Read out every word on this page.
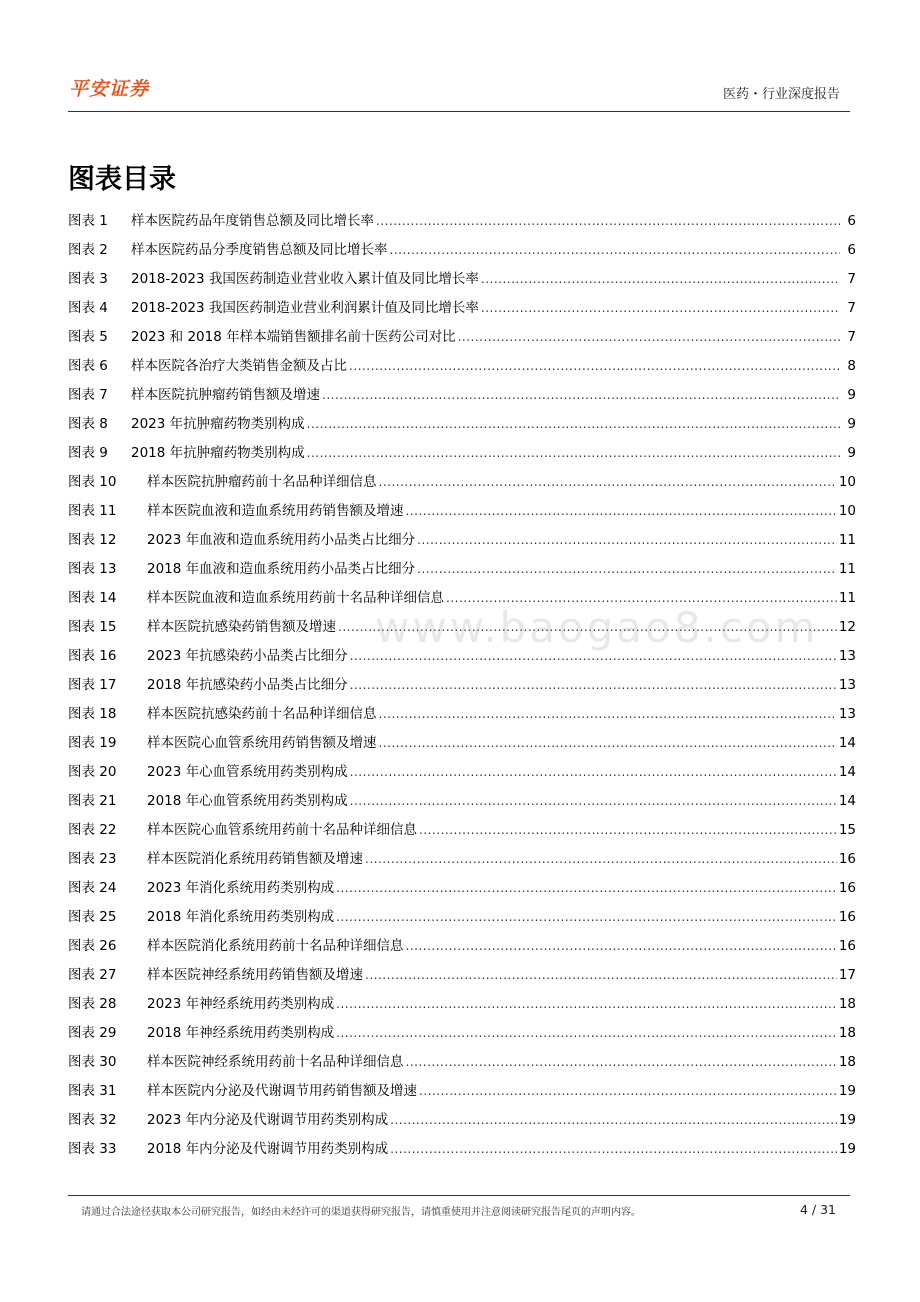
平安证券	医药・行业深度报告
图表目录
图表 1	样本医院药品年度销售总额及同比增长率 .....	6
图表 2	样本医院药品分季度销售总额及同比增长率 .....	6
图表 3	2018-2023 我国医药制造业营业收入累计值及同比增长率 .....	7
图表 4	2018-2023 我国医药制造业营业利润累计值及同比增长率 .....	7
图表 5	2023 和 2018 年样本端销售额排名前十医药公司对比 .....	7
图表 6	样本医院各治疗大类销售金额及占比 .....	8
图表 7	样本医院抗肿瘤药销售额及增速 .....	9
图表 8	2023 年抗肿瘤药物类别构成 .....	9
图表 9	2018 年抗肿瘤药物类别构成 .....	9
图表 10	样本医院抗肿瘤药前十名品种详细信息 .....	10
图表 11	样本医院血液和造血系统用药销售额及增速 .....	10
图表 12	2023 年血液和造血系统用药小品类占比细分 .....	11
图表 13	2018 年血液和造血系统用药小品类占比细分 .....	11
图表 14	样本医院血液和造血系统用药前十名品种详细信息 .....	11
图表 15	样本医院抗感染药销售额及增速 .....	12
图表 16	2023 年抗感染药小品类占比细分 .....	13
图表 17	2018 年抗感染药小品类占比细分 .....	13
图表 18	样本医院抗感染药前十名品种详细信息 .....	13
图表 19	样本医院心血管系统用药销售额及增速 .....	14
图表 20	2023 年心血管系统用药类别构成 .....	14
图表 21	2018 年心血管系统用药类别构成 .....	14
图表 22	样本医院心血管系统用药前十名品种详细信息 .....	15
图表 23	样本医院消化系统用药销售额及增速 .....	16
图表 24	2023 年消化系统用药类别构成 .....	16
图表 25	2018 年消化系统用药类别构成 .....	16
图表 26	样本医院消化系统用药前十名品种详细信息 .....	16
图表 27	样本医院神经系统用药销售额及增速 .....	17
图表 28	2023 年神经系统用药类别构成 .....	18
图表 29	2018 年神经系统用药类别构成 .....	18
图表 30	样本医院神经系统用药前十名品种详细信息 .....	18
图表 31	样本医院内分泌及代谢调节用药销售额及增速 .....	19
图表 32	2023 年内分泌及代谢调节用药类别构成 .....	19
图表 33	2018 年内分泌及代谢调节用药类别构成 .....	19
www.baogao8.com
请通过合法途径获取本公司研究报告，如经由未经许可的渠道获得研究报告，请慎重使用并注意阅读研究报告尾页的声明内容。	4 / 31
